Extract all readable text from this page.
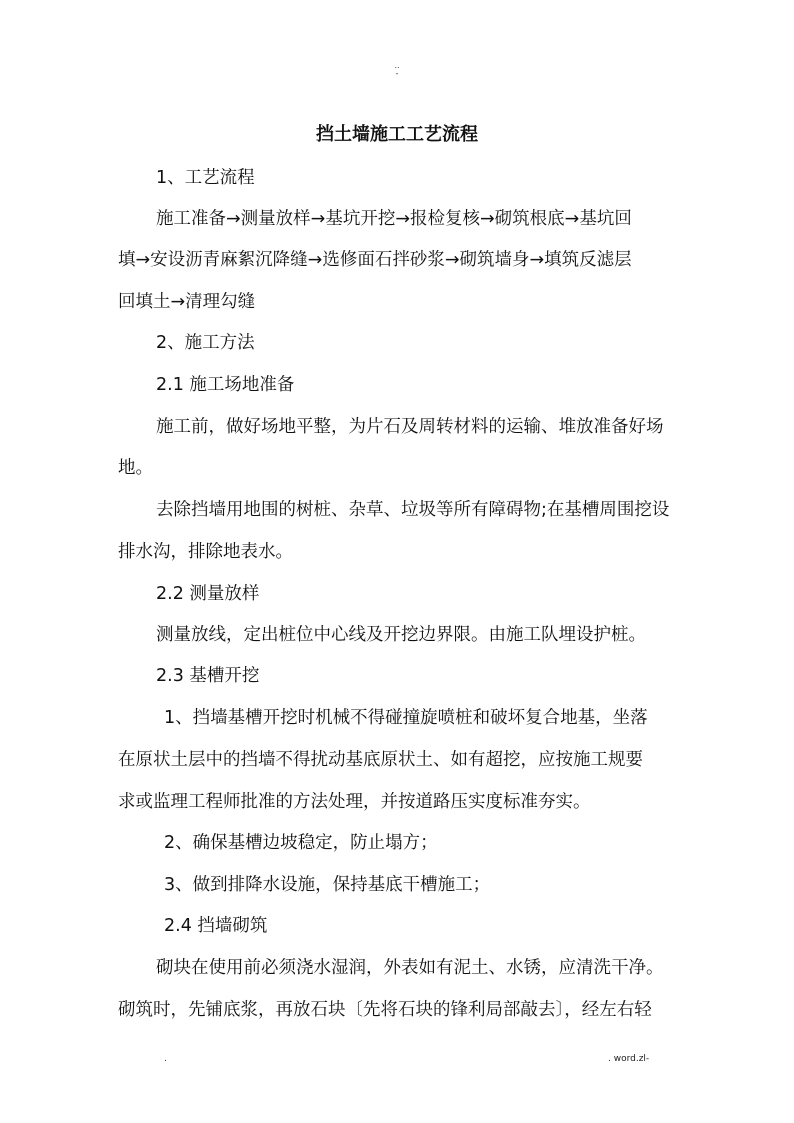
..
-
挡土墙施工工艺流程
1、工艺流程
施工准备→测量放样→基坑开挖→报检复核→砌筑根底→基坑回
填→安设沥青麻絮沉降缝→选修面石拌砂浆→砌筑墙身→填筑反滤层
回填土→清理勾缝
2、施工方法
2.1 施工场地准备
施工前，做好场地平整，为片石及周转材料的运输、堆放准备好场
地。
去除挡墙用地围的树桩、杂草、垃圾等所有障碍物;在基槽周围挖设
排水沟，排除地表水。
2.2 测量放样
测量放线，定出桩位中心线及开挖边界限。由施工队埋设护桩。
2.3 基槽开挖
1、挡墙基槽开挖时机械不得碰撞旋喷桩和破坏复合地基，坐落
在原状土层中的挡墙不得扰动基底原状土、如有超挖，应按施工规要
求或监理工程师批准的方法处理，并按道路压实度标准夯实。
2、确保基槽边坡稳定，防止塌方；
3、做到排降水设施，保持基底干槽施工；
2.4 挡墙砌筑
砌块在使用前必须浇水湿润，外表如有泥土、水锈，应清洗干净。
砌筑时，先铺底浆，再放石块〔先将石块的锋利局部敲去〕，经左右轻
.	. word.zl-
